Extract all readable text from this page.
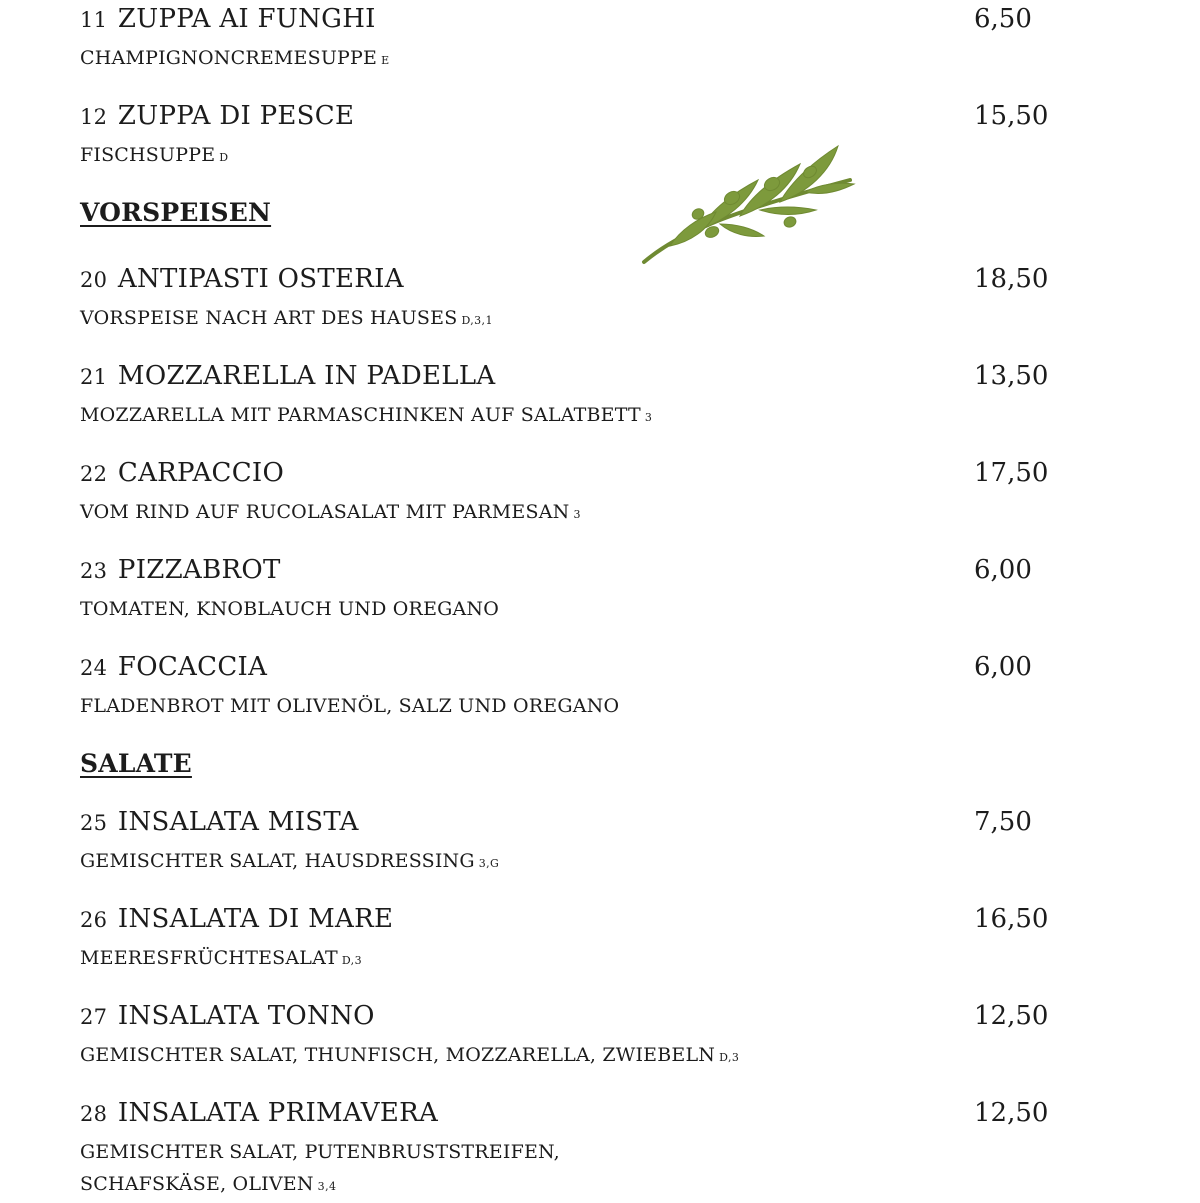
11 ZUPPA AI FUNGHI	6,50
CHAMPIGNONCREMESUPPE E
12 ZUPPA DI PESCE	15,50
FISCHSUPPE D
VORSPEISEN
20 ANTIPASTI OSTERIA	18,50
VORSPEISE NACH ART DES HAUSES D,3,1
21 MOZZARELLA IN PADELLA	13,50
MOZZARELLA MIT PARMASCHINKEN AUF SALATBETT 3
22 CARPACCIO	17,50
VOM RIND AUF RUCOLASALAT MIT PARMESAN 3
23 PIZZABROT	6,00
TOMATEN, KNOBLAUCH UND OREGANO
24 FOCACCIA	6,00
FLADENBROT MIT OLIVENÖL, SALZ UND OREGANO
SALATE
25 INSALATA MISTA	7,50
GEMISCHTER SALAT, HAUSDRESSING 3,G
26 INSALATA DI MARE	16,50
MEERESFRÜCHTESALAT D,3
27 INSALATA TONNO	12,50
GEMISCHTER SALAT, THUNFISCH, MOZZARELLA, ZWIEBELN D,3
28 INSALATA PRIMAVERA	12,50
GEMISCHTER SALAT, PUTENBRUSTSTREIFEN, SCHAFSKÄSE, OLIVEN 3,4
